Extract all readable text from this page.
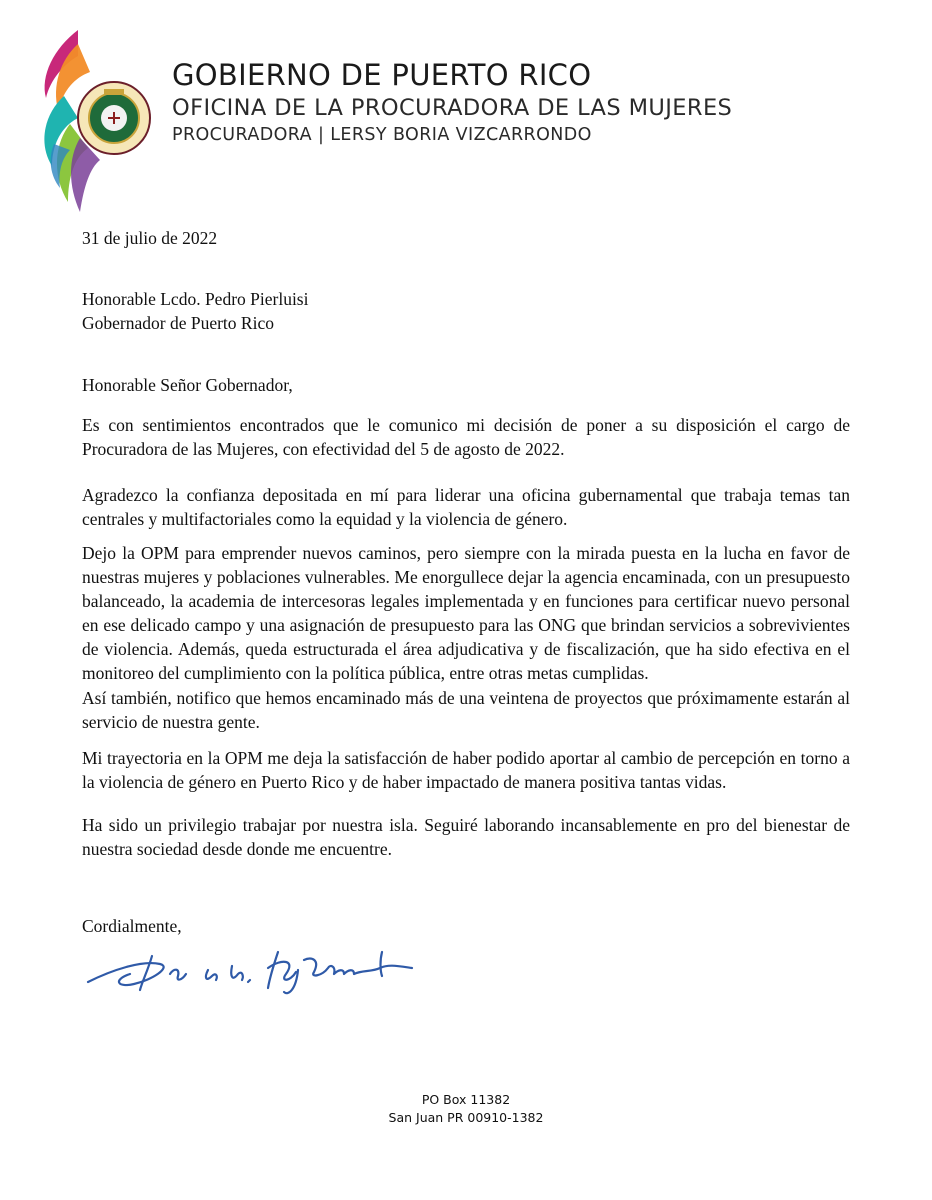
GOBIERNO DE PUERTO RICO
OFICINA DE LA PROCURADORA DE LAS MUJERES
PROCURADORA | LERSY BORIA VIZCARRONDO
31 de julio de 2022
Honorable Lcdo. Pedro Pierluisi
Gobernador de Puerto Rico
Honorable Señor Gobernador,

Es con sentimientos encontrados que le comunico mi decisión de poner a su disposición el cargo de Procuradora de las Mujeres, con efectividad del 5 de agosto de 2022.

Agradezco la confianza depositada en mí para liderar una oficina gubernamental que trabaja temas tan centrales y multifactoriales como la equidad y la violencia de género.

Dejo la OPM para emprender nuevos caminos, pero siempre con la mirada puesta en la lucha en favor de nuestras mujeres y poblaciones vulnerables. Me enorgullece dejar la agencia encaminada, con un presupuesto balanceado, la academia de intercesoras legales implementada y en funciones para certificar nuevo personal en ese delicado campo y una asignación de presupuesto para las ONG que brindan servicios a sobrevivientes de violencia. Además, queda estructurada el área adjudicativa y de fiscalización, que ha sido efectiva en el monitoreo del cumplimiento con la política pública, entre otras metas cumplidas.

Así también, notifico que hemos encaminado más de una veintena de proyectos que próximamente estarán al servicio de nuestra gente.

Mi trayectoria en la OPM me deja la satisfacción de haber podido aportar al cambio de percepción en torno a la violencia de género en Puerto Rico y de haber impactado de manera positiva tantas vidas.

Ha sido un privilegio trabajar por nuestra isla. Seguiré laborando incansablemente en pro del bienestar de nuestra sociedad desde donde me encuentre.

Cordialmente,
PO Box 11382
San Juan PR 00910-1382
